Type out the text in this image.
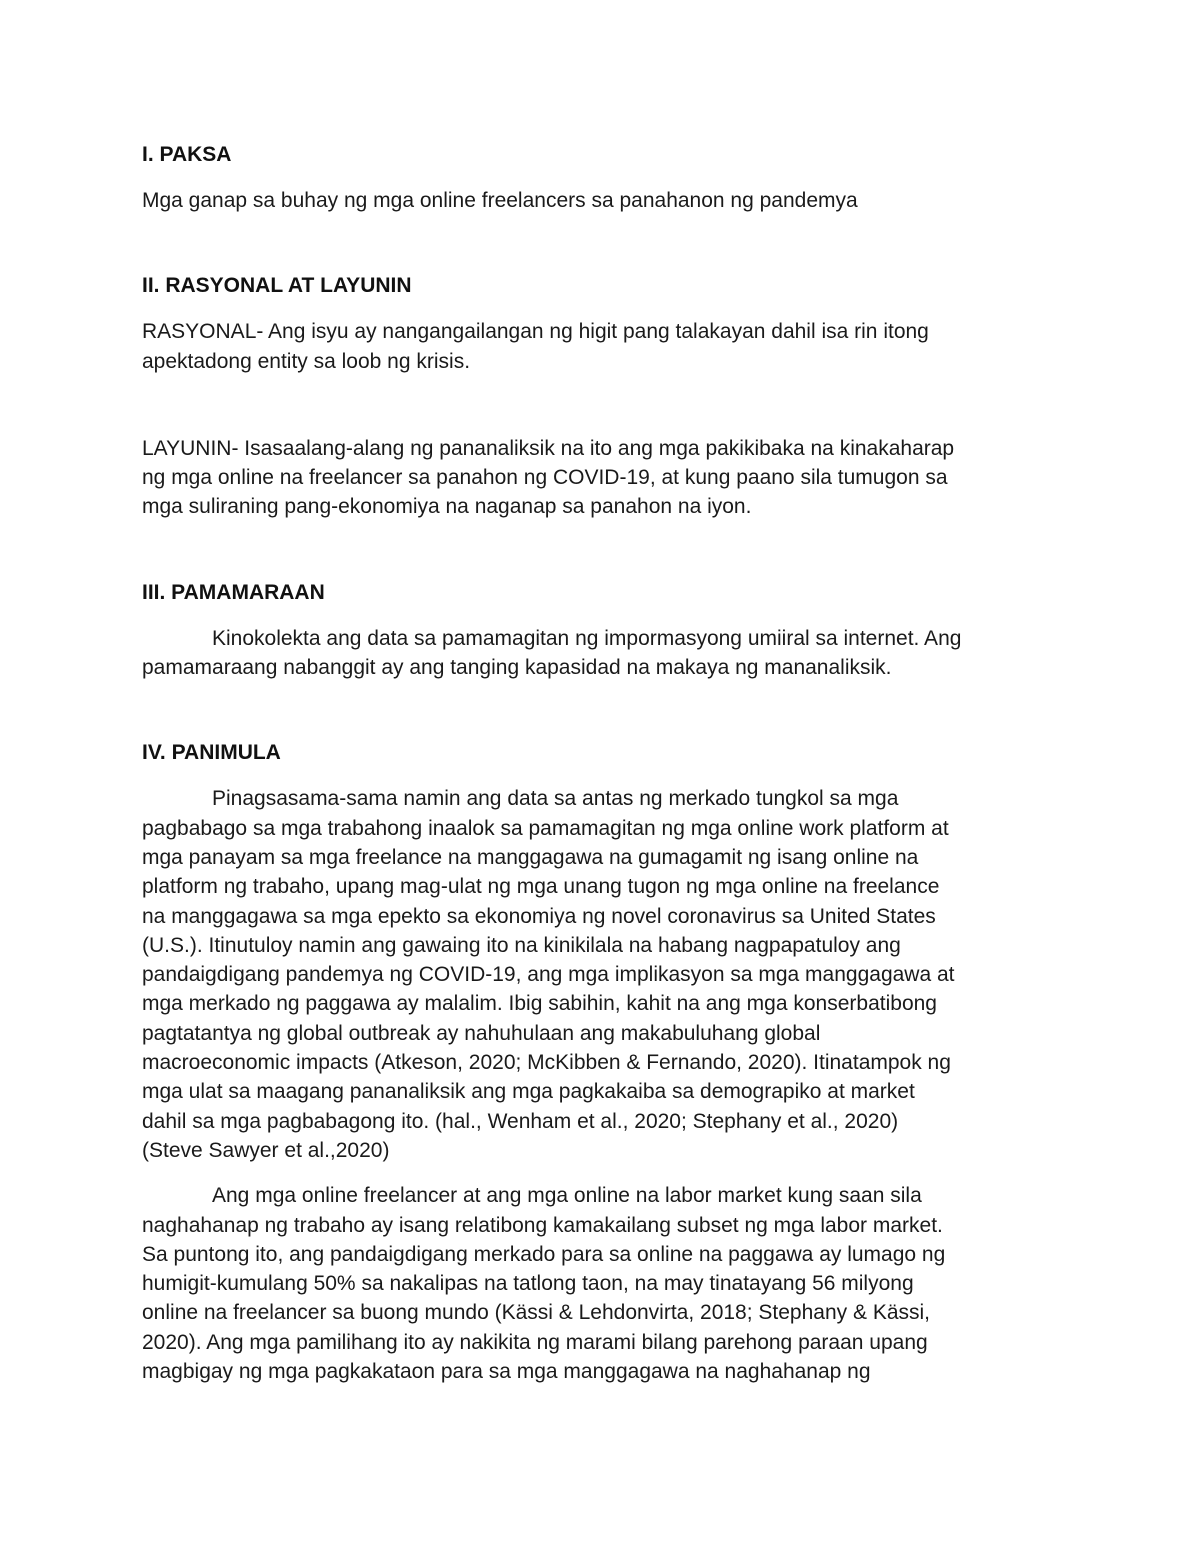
I. PAKSA

Mga ganap sa buhay ng mga online freelancers sa panahanon ng pandemya

II. RASYONAL AT LAYUNIN

RASYONAL- Ang isyu ay nangangailangan ng higit pang talakayan dahil isa rin itong
apektadong entity sa loob ng krisis.

LAYUNIN- Isasaalang-alang ng pananaliksik na ito ang mga pakikibaka na kinakaharap
ng mga online na freelancer sa panahon ng COVID-19, at kung paano sila tumugon sa
mga suliraning pang-ekonomiya na naganap sa panahon na iyon.

III. PAMAMARAAN

Kinokolekta ang data sa pamamagitan ng impormasyong umiiral sa internet. Ang
pamamaraang nabanggit ay ang tanging kapasidad na makaya ng mananaliksik.

IV. PANIMULA

Pinagsasama-sama namin ang data sa antas ng merkado tungkol sa mga
pagbabago sa mga trabahong inaalok sa pamamagitan ng mga online work platform at
mga panayam sa mga freelance na manggagawa na gumagamit ng isang online na
platform ng trabaho, upang mag-ulat ng mga unang tugon ng mga online na freelance
na manggagawa sa mga epekto sa ekonomiya ng novel coronavirus sa United States
(U.S.). Itinutuloy namin ang gawaing ito na kinikilala na habang nagpapatuloy ang
pandaigdigang pandemya ng COVID-19, ang mga implikasyon sa mga manggagawa at
mga merkado ng paggawa ay malalim. Ibig sabihin, kahit na ang mga konserbatibong
pagtatantya ng global outbreak ay nahuhulaan ang makabuluhang global
macroeconomic impacts (Atkeson, 2020; McKibben & Fernando, 2020). Itinatampok ng
mga ulat sa maagang pananaliksik ang mga pagkakaiba sa demograpiko at market
dahil sa mga pagbabagong ito. (hal., Wenham et al., 2020; Stephany et al., 2020)
(Steve Sawyer et al.,2020)

Ang mga online freelancer at ang mga online na labor market kung saan sila
naghahanap ng trabaho ay isang relatibong kamakailang subset ng mga labor market.
Sa puntong ito, ang pandaigdigang merkado para sa online na paggawa ay lumago ng
humigit-kumulang 50% sa nakalipas na tatlong taon, na may tinatayang 56 milyong
online na freelancer sa buong mundo (Kässi & Lehdonvirta, 2018; Stephany & Kässi,
2020). Ang mga pamilihang ito ay nakikita ng marami bilang parehong paraan upang
magbigay ng mga pagkakataon para sa mga manggagawa na naghahanap ng
